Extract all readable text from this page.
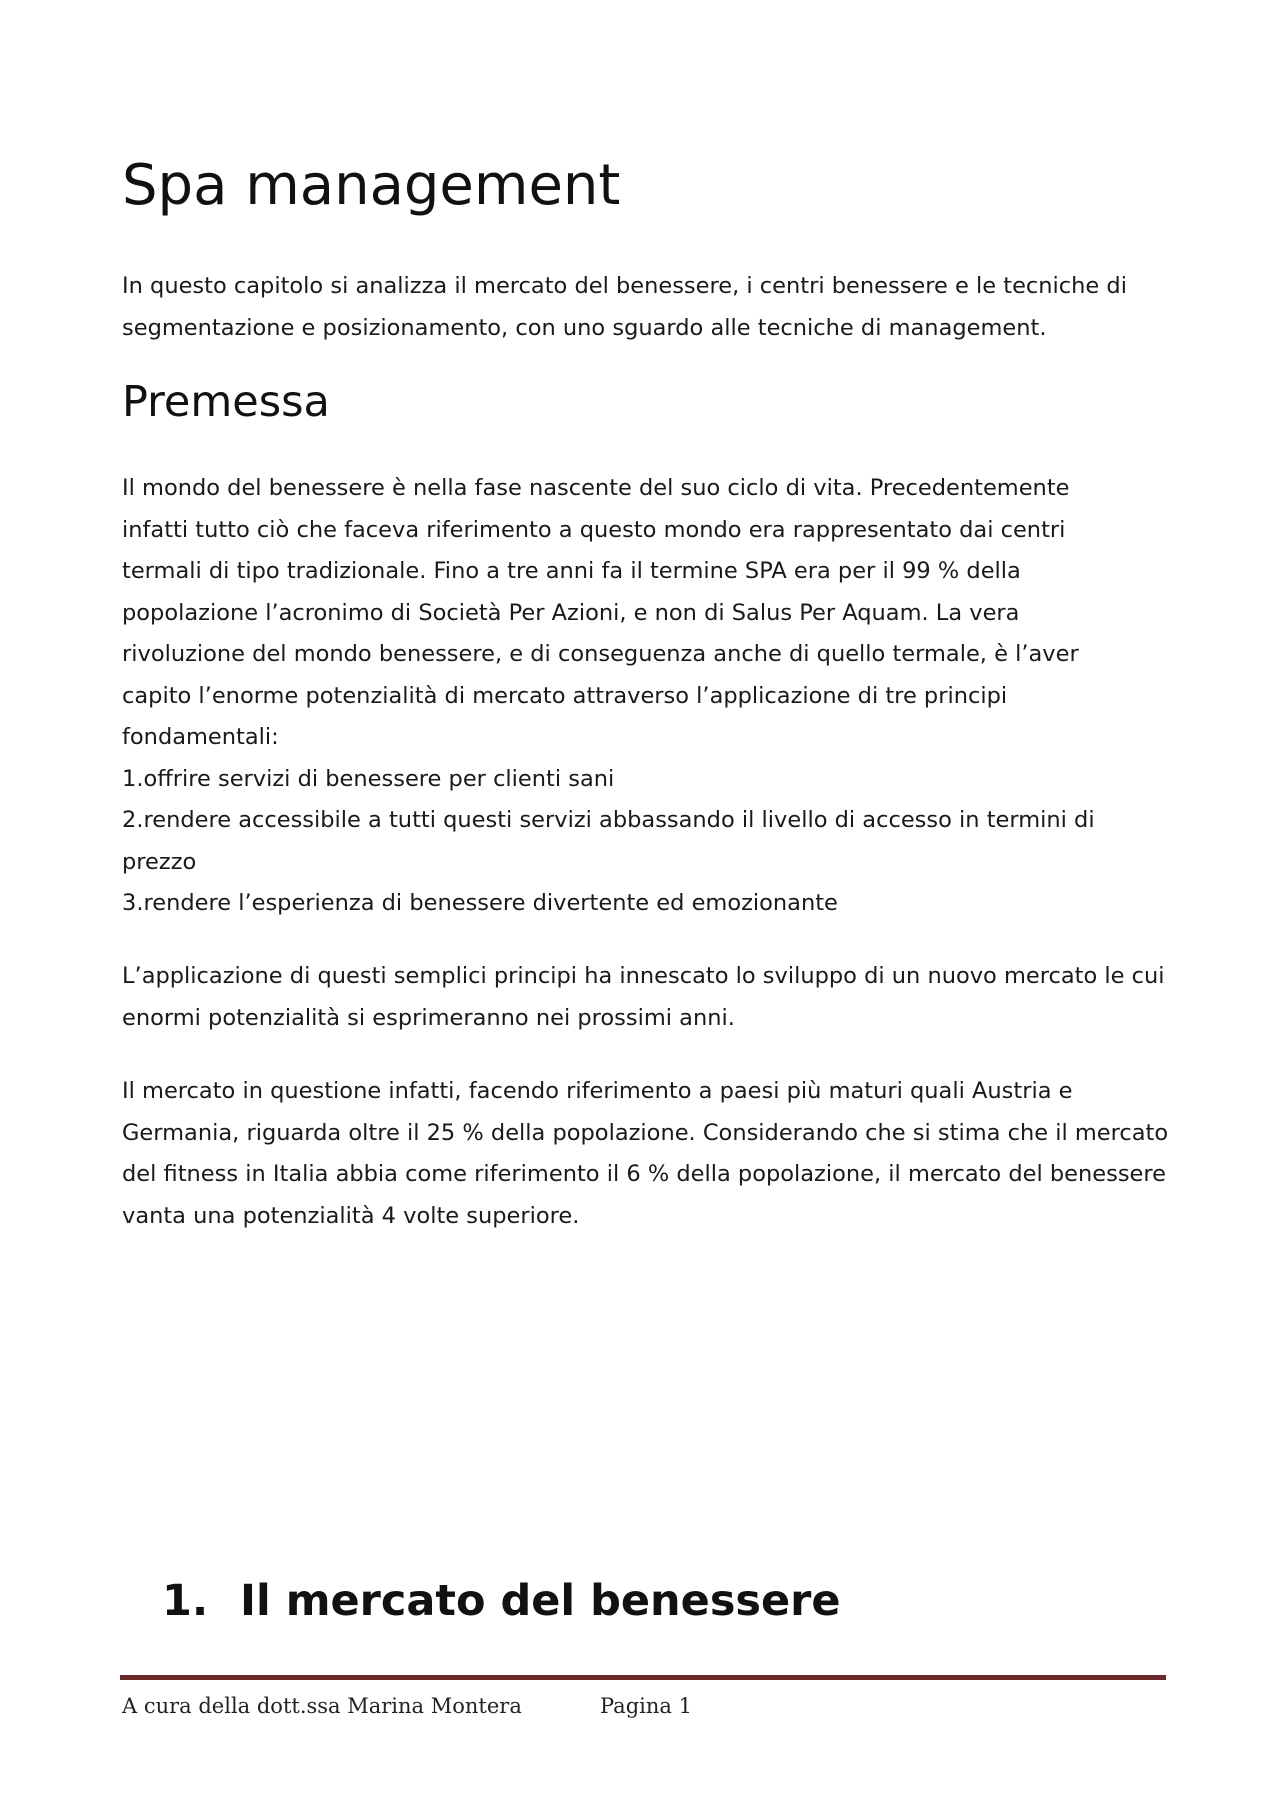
Spa management

In questo capitolo si analizza il mercato del benessere, i centri benessere e le tecniche di segmentazione e posizionamento, con uno sguardo alle tecniche di management.

Premessa
Il mondo del benessere è nella fase nascente del suo ciclo di vita. Precedentemente
infatti tutto ciò che faceva riferimento a questo mondo era rappresentato dai centri
termali di tipo tradizionale. Fino a tre anni fa il termine SPA era per il 99 % della
popolazione l’acronimo di Società Per Azioni, e non di Salus Per Aquam. La vera
rivoluzione del mondo benessere, e di conseguenza anche di quello termale, è l’aver
capito l’enorme potenzialità di mercato attraverso l’applicazione di tre principi
fondamentali:
1.offrire servizi di benessere per clienti sani
2.rendere accessibile a tutti questi servizi abbassando il livello di accesso in termini di
prezzo
3.rendere l’esperienza di benessere divertente ed emozionante

L’applicazione di questi semplici principi ha innescato lo sviluppo di un nuovo mercato le cui enormi potenzialità si esprimeranno nei prossimi anni.

Il mercato in questione infatti, facendo riferimento a paesi più maturi quali Austria e Germania, riguarda oltre il 25 % della popolazione. Considerando che si stima che il mercato del fitness in Italia abbia come riferimento il 6 % della popolazione, il mercato del benessere vanta una potenzialità 4 volte superiore.

1. Il mercato del benessere
A cura della dott.ssa Marina Montera	Pagina 1
